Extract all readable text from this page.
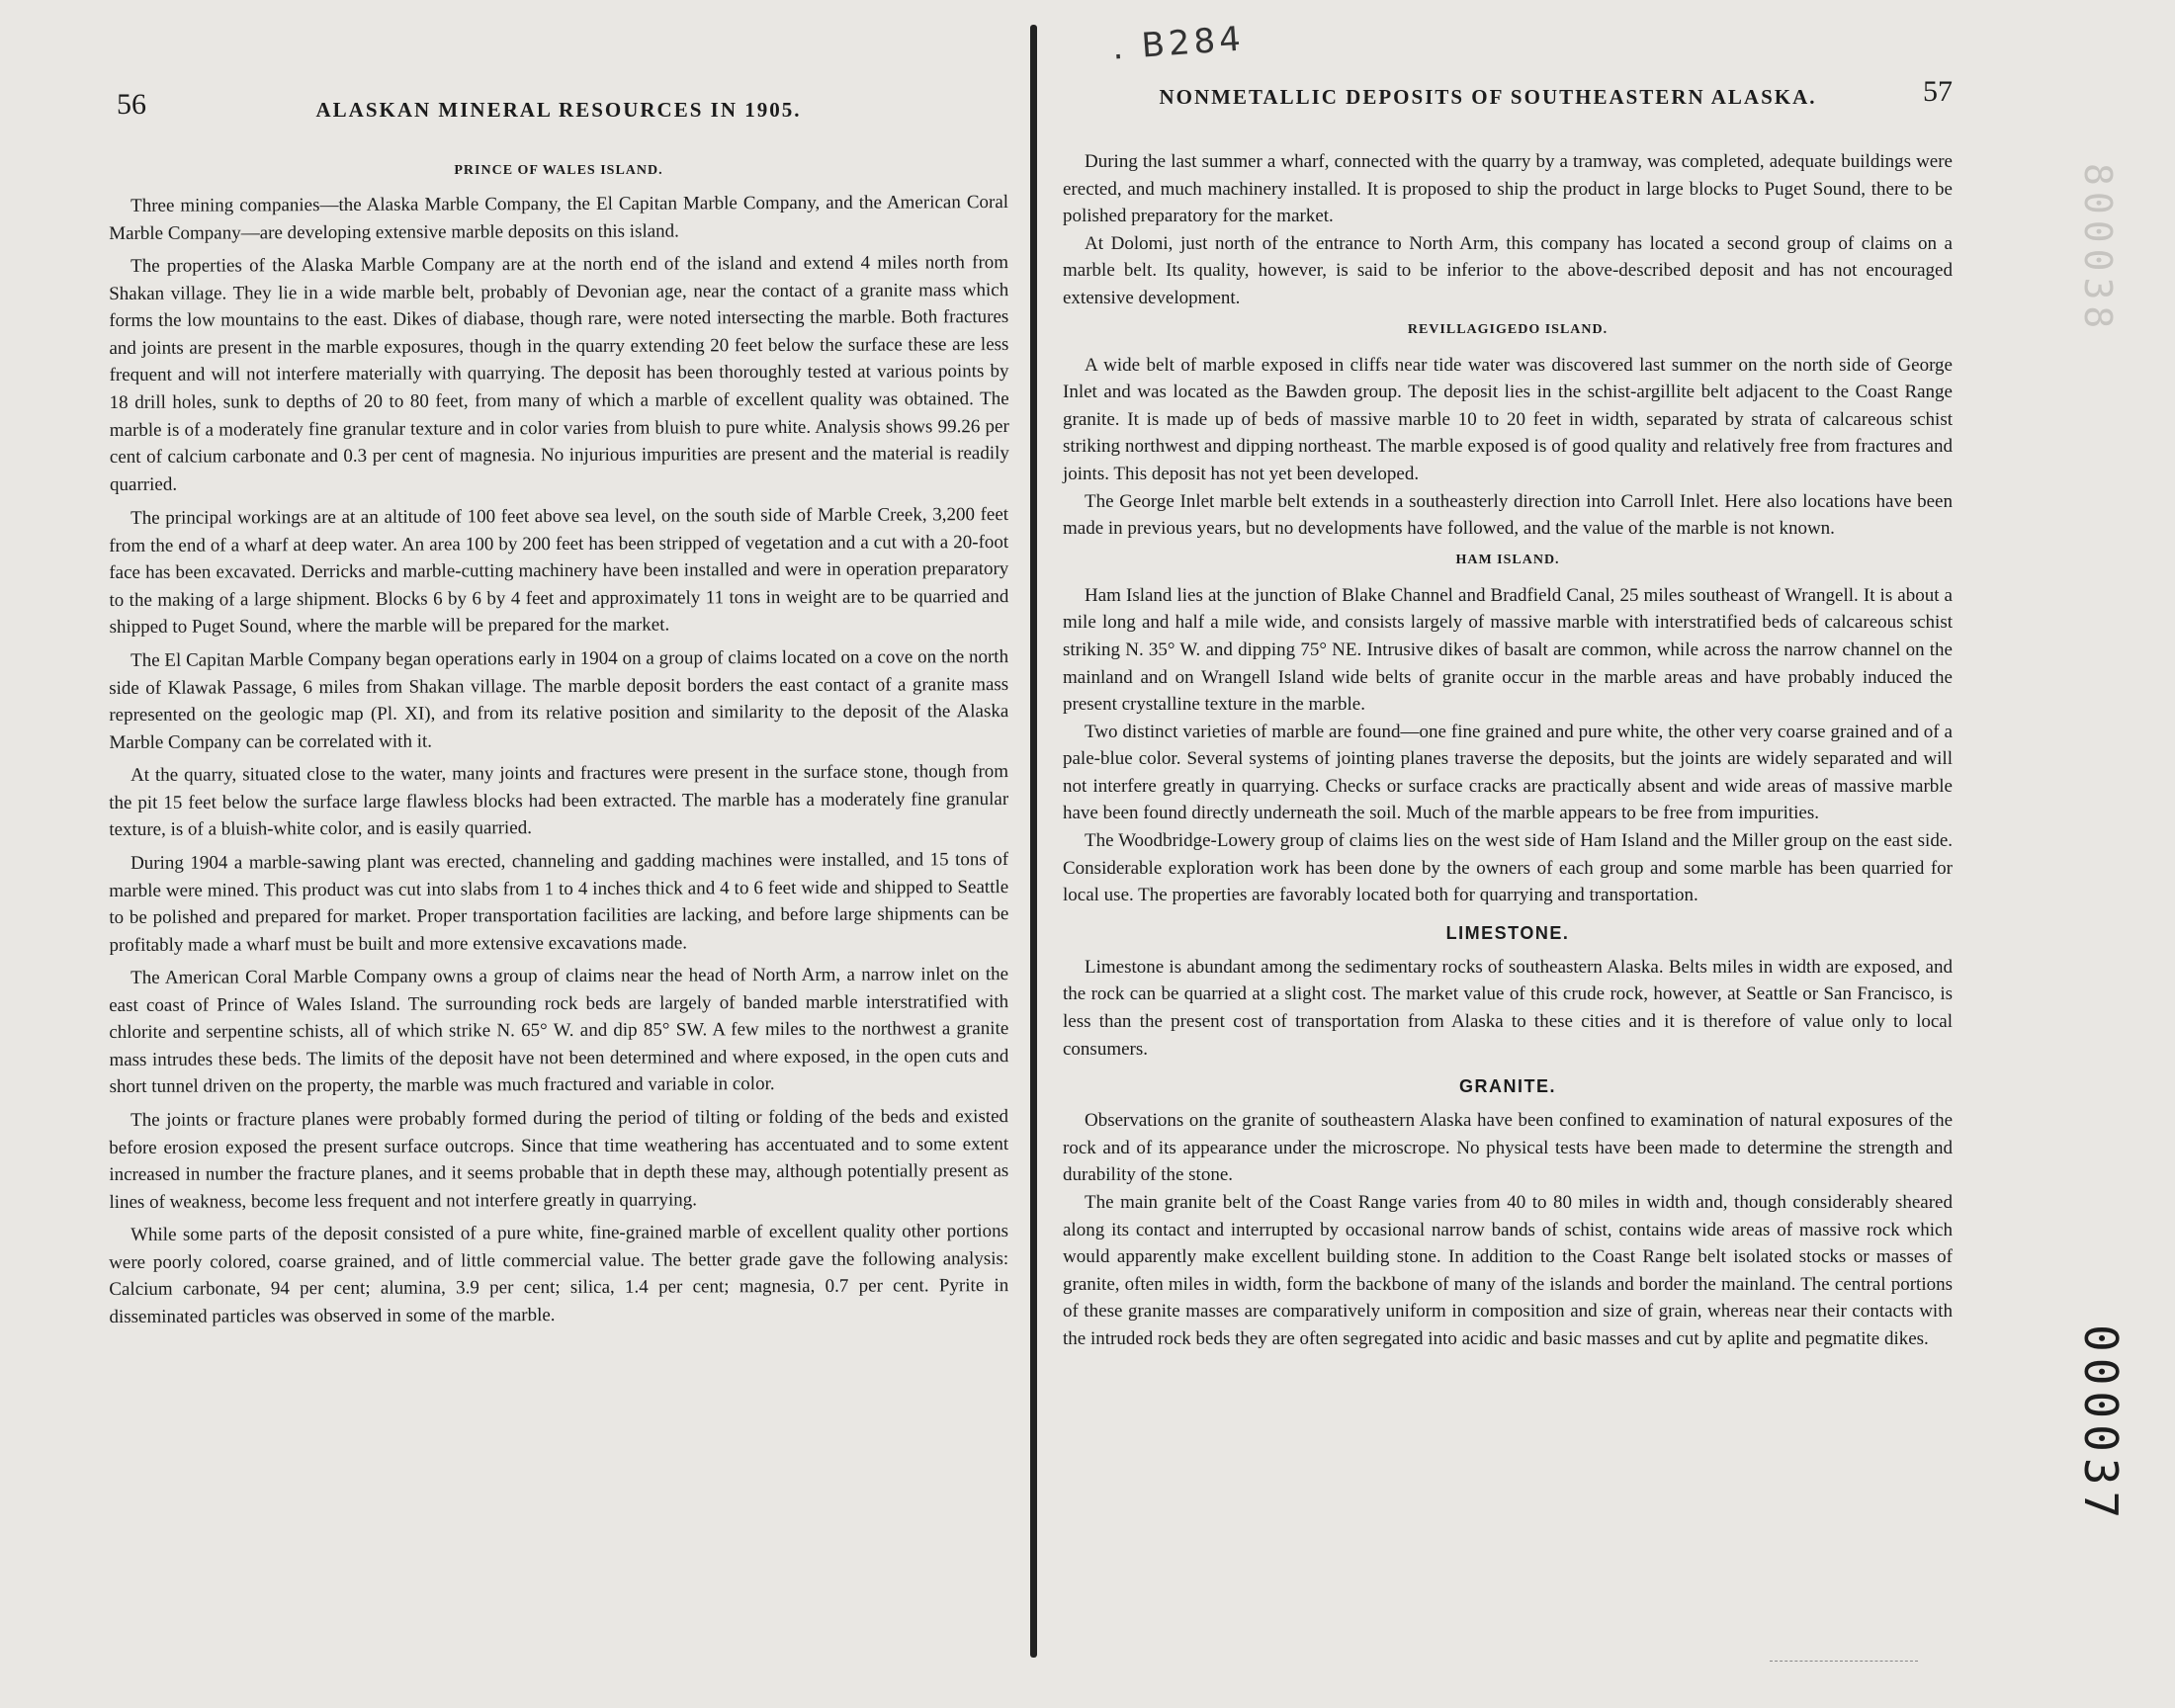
. B284
800038
000037
56	ALASKAN MINERAL RESOURCES IN 1905.
PRINCE OF WALES ISLAND.

Three mining companies—the Alaska Marble Company, the El Capitan Marble Company, and the American Coral Marble Company—are developing extensive marble deposits on this island.

The properties of the Alaska Marble Company are at the north end of the island and extend 4 miles north from Shakan village. They lie in a wide marble belt, probably of Devonian age, near the contact of a granite mass which forms the low mountains to the east. Dikes of diabase, though rare, were noted intersecting the marble. Both fractures and joints are present in the marble exposures, though in the quarry extending 20 feet below the surface these are less frequent and will not interfere materially with quarrying. The deposit has been thoroughly tested at various points by 18 drill holes, sunk to depths of 20 to 80 feet, from many of which a marble of excellent quality was obtained. The marble is of a moderately fine granular texture and in color varies from bluish to pure white. Analysis shows 99.26 per cent of calcium carbonate and 0.3 per cent of magnesia. No injurious impurities are present and the material is readily quarried.

The principal workings are at an altitude of 100 feet above sea level, on the south side of Marble Creek, 3,200 feet from the end of a wharf at deep water. An area 100 by 200 feet has been stripped of vegetation and a cut with a 20-foot face has been excavated. Derricks and marble-cutting machinery have been installed and were in operation preparatory to the making of a large shipment. Blocks 6 by 6 by 4 feet and approximately 11 tons in weight are to be quarried and shipped to Puget Sound, where the marble will be prepared for the market.

The El Capitan Marble Company began operations early in 1904 on a group of claims located on a cove on the north side of Klawak Passage, 6 miles from Shakan village. The marble deposit borders the east contact of a granite mass represented on the geologic map (Pl. XI), and from its relative position and similarity to the deposit of the Alaska Marble Company can be correlated with it.

At the quarry, situated close to the water, many joints and fractures were present in the surface stone, though from the pit 15 feet below the surface large flawless blocks had been extracted. The marble has a moderately fine granular texture, is of a bluish-white color, and is easily quarried.

During 1904 a marble-sawing plant was erected, channeling and gadding machines were installed, and 15 tons of marble were mined. This product was cut into slabs from 1 to 4 inches thick and 4 to 6 feet wide and shipped to Seattle to be polished and prepared for market. Proper transportation facilities are lacking, and before large shipments can be profitably made a wharf must be built and more extensive excavations made.

The American Coral Marble Company owns a group of claims near the head of North Arm, a narrow inlet on the east coast of Prince of Wales Island. The surrounding rock beds are largely of banded marble interstratified with chlorite and serpentine schists, all of which strike N. 65° W. and dip 85° SW. A few miles to the northwest a granite mass intrudes these beds. The limits of the deposit have not been determined and where exposed, in the open cuts and short tunnel driven on the property, the marble was much fractured and variable in color.

The joints or fracture planes were probably formed during the period of tilting or folding of the beds and existed before erosion exposed the present surface outcrops. Since that time weathering has accentuated and to some extent increased in number the fracture planes, and it seems probable that in depth these may, although potentially present as lines of weakness, become less frequent and not interfere greatly in quarrying.

While some parts of the deposit consisted of a pure white, fine-grained marble of excellent quality other portions were poorly colored, coarse grained, and of little commercial value. The better grade gave the following analysis: Calcium carbonate, 94 per cent; alumina, 3.9 per cent; silica, 1.4 per cent; magnesia, 0.7 per cent. Pyrite in disseminated particles was observed in some of the marble.

NONMETALLIC DEPOSITS OF SOUTHEASTERN ALASKA.	57

During the last summer a wharf, connected with the quarry by a tramway, was completed, adequate buildings were erected, and much machinery installed. It is proposed to ship the product in large blocks to Puget Sound, there to be polished preparatory for the market.

At Dolomi, just north of the entrance to North Arm, this company has located a second group of claims on a marble belt. Its quality, however, is said to be inferior to the above-described deposit and has not encouraged extensive development.

REVILLAGIGEDO ISLAND.

A wide belt of marble exposed in cliffs near tide water was discovered last summer on the north side of George Inlet and was located as the Bawden group. The deposit lies in the schist-argillite belt adjacent to the Coast Range granite. It is made up of beds of massive marble 10 to 20 feet in width, separated by strata of calcareous schist striking northwest and dipping northeast. The marble exposed is of good quality and relatively free from fractures and joints. This deposit has not yet been developed.

The George Inlet marble belt extends in a southeasterly direction into Carroll Inlet. Here also locations have been made in previous years, but no developments have followed, and the value of the marble is not known.

HAM ISLAND.

Ham Island lies at the junction of Blake Channel and Bradfield Canal, 25 miles southeast of Wrangell. It is about a mile long and half a mile wide, and consists largely of massive marble with interstratified beds of calcareous schist striking N. 35° W. and dipping 75° NE. Intrusive dikes of basalt are common, while across the narrow channel on the mainland and on Wrangell Island wide belts of granite occur in the marble areas and have probably induced the present crystalline texture in the marble.

Two distinct varieties of marble are found—one fine grained and pure white, the other very coarse grained and of a pale-blue color. Several systems of jointing planes traverse the deposits, but the joints are widely separated and will not interfere greatly in quarrying. Checks or surface cracks are practically absent and wide areas of massive marble have been found directly underneath the soil. Much of the marble appears to be free from impurities.

The Woodbridge-Lowery group of claims lies on the west side of Ham Island and the Miller group on the east side. Considerable exploration work has been done by the owners of each group and some marble has been quarried for local use. The properties are favorably located both for quarrying and transportation.

LIMESTONE.

Limestone is abundant among the sedimentary rocks of southeastern Alaska. Belts miles in width are exposed, and the rock can be quarried at a slight cost. The market value of this crude rock, however, at Seattle or San Francisco, is less than the present cost of transportation from Alaska to these cities and it is therefore of value only to local consumers.

GRANITE.

Observations on the granite of southeastern Alaska have been confined to examination of natural exposures of the rock and of its appearance under the microscrope. No physical tests have been made to determine the strength and durability of the stone.

The main granite belt of the Coast Range varies from 40 to 80 miles in width and, though considerably sheared along its contact and interrupted by occasional narrow bands of schist, contains wide areas of massive rock which would apparently make excellent building stone. In addition to the Coast Range belt isolated stocks or masses of granite, often miles in width, form the backbone of many of the islands and border the mainland. The central portions of these granite masses are comparatively uniform in composition and size of grain, whereas near their contacts with the intruded rock beds they are often segregated into acidic and basic masses and cut by aplite and pegmatite dikes.
